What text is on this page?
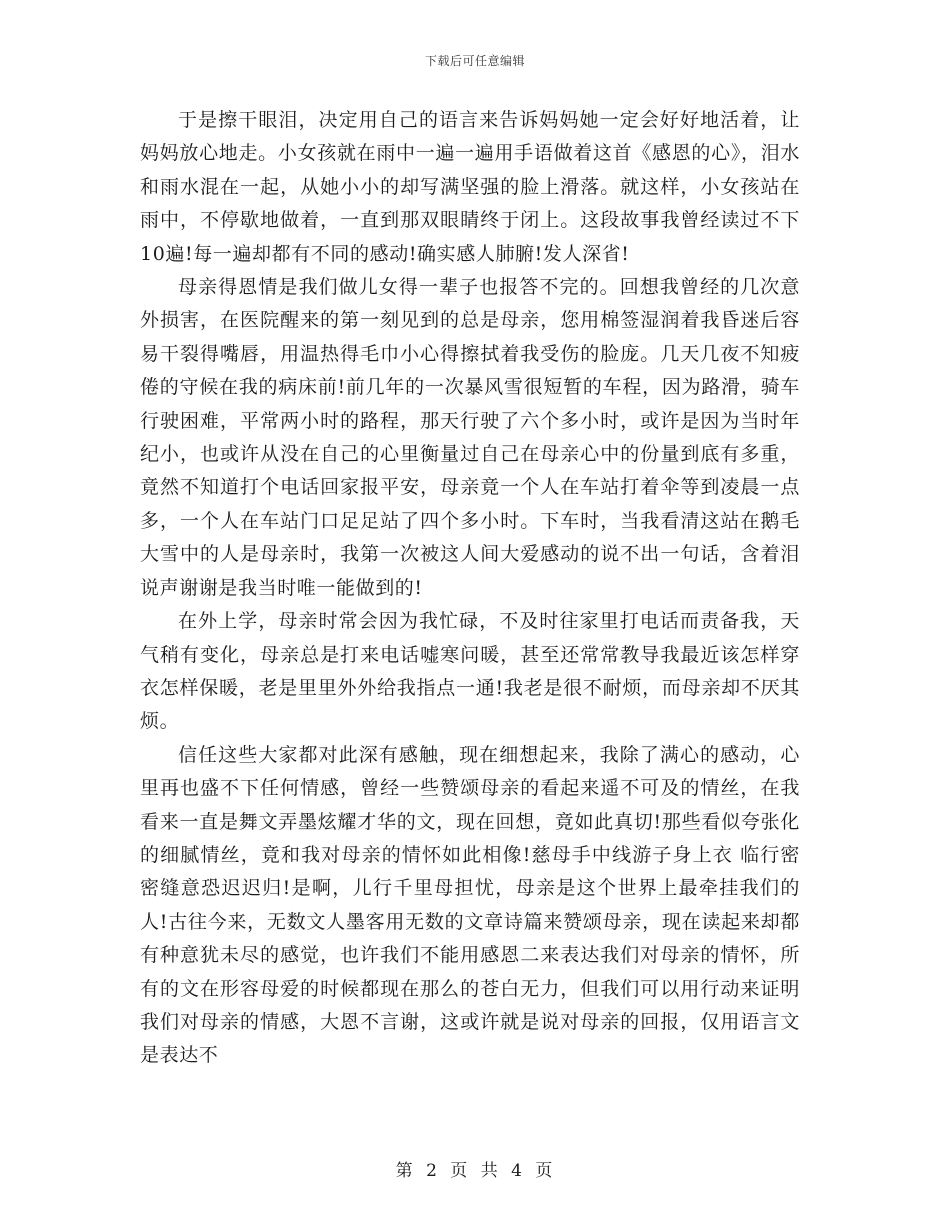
下载后可任意编辑

于是擦干眼泪，决定用自己的语言来告诉妈妈她一定会好好地活着，让妈妈放心地走。小女孩就在雨中一遍一遍用手语做着这首《感恩的心》，泪水和雨水混在一起，从她小小的却写满坚强的脸上滑落。就这样，小女孩站在雨中，不停歇地做着，一直到那双眼睛终于闭上。这段故事我曾经读过不下 10遍!每一遍却都有不同的感动!确实感人肺腑!发人深省!

母亲得恩情是我们做儿女得一辈子也报答不完的。回想我曾经的几次意外损害，在医院醒来的第一刻见到的总是母亲，您用棉签湿润着我昏迷后容易干裂得嘴唇，用温热得毛巾小心得擦拭着我受伤的脸庞。几天几夜不知疲倦的守候在我的病床前!前几年的一次暴风雪很短暂的车程，因为路滑，骑车行驶困难，平常两小时的路程，那天行驶了六个多小时，或许是因为当时年纪小，也或许从没在自己的心里衡量过自己在母亲心中的份量到底有多重，竟然不知道打个电话回家报平安，母亲竟一个人在车站打着伞等到凌晨一点多，一个人在车站门口足足站了四个多小时。下车时，当我看清这站在鹅毛大雪中的人是母亲时，我第一次被这人间大爱感动的说不出一句话，含着泪说声谢谢是我当时唯一能做到的!

在外上学，母亲时常会因为我忙碌，不及时往家里打电话而责备我，天气稍有变化，母亲总是打来电话嘘寒问暖，甚至还常常教导我最近该怎样穿衣怎样保暖，老是里里外外给我指点一通!我老是很不耐烦，而母亲却不厌其烦。

信任这些大家都对此深有感触，现在细想起来，我除了满心的感动，心里再也盛不下任何情感，曾经一些赞颂母亲的看起来遥不可及的情丝，在我看来一直是舞文弄墨炫耀才华的文，现在回想，竟如此真切!那些看似夸张化的细腻情丝，竟和我对母亲的情怀如此相像!慈母手中线游子身上衣 临行密密缝意恐迟迟归!是啊，儿行千里母担忧，母亲是这个世界上最牵挂我们的人!古往今来，无数文人墨客用无数的文章诗篇来赞颂母亲，现在读起来却都有种意犹未尽的感觉，也许我们不能用感恩二来表达我们对母亲的情怀，所有的文在形容母爱的时候都现在那么的苍白无力，但我们可以用行动来证明我们对母亲的情感，大恩不言谢，这或许就是说对母亲的回报，仅用语言文是表达不

第 2 页 共 4 页
